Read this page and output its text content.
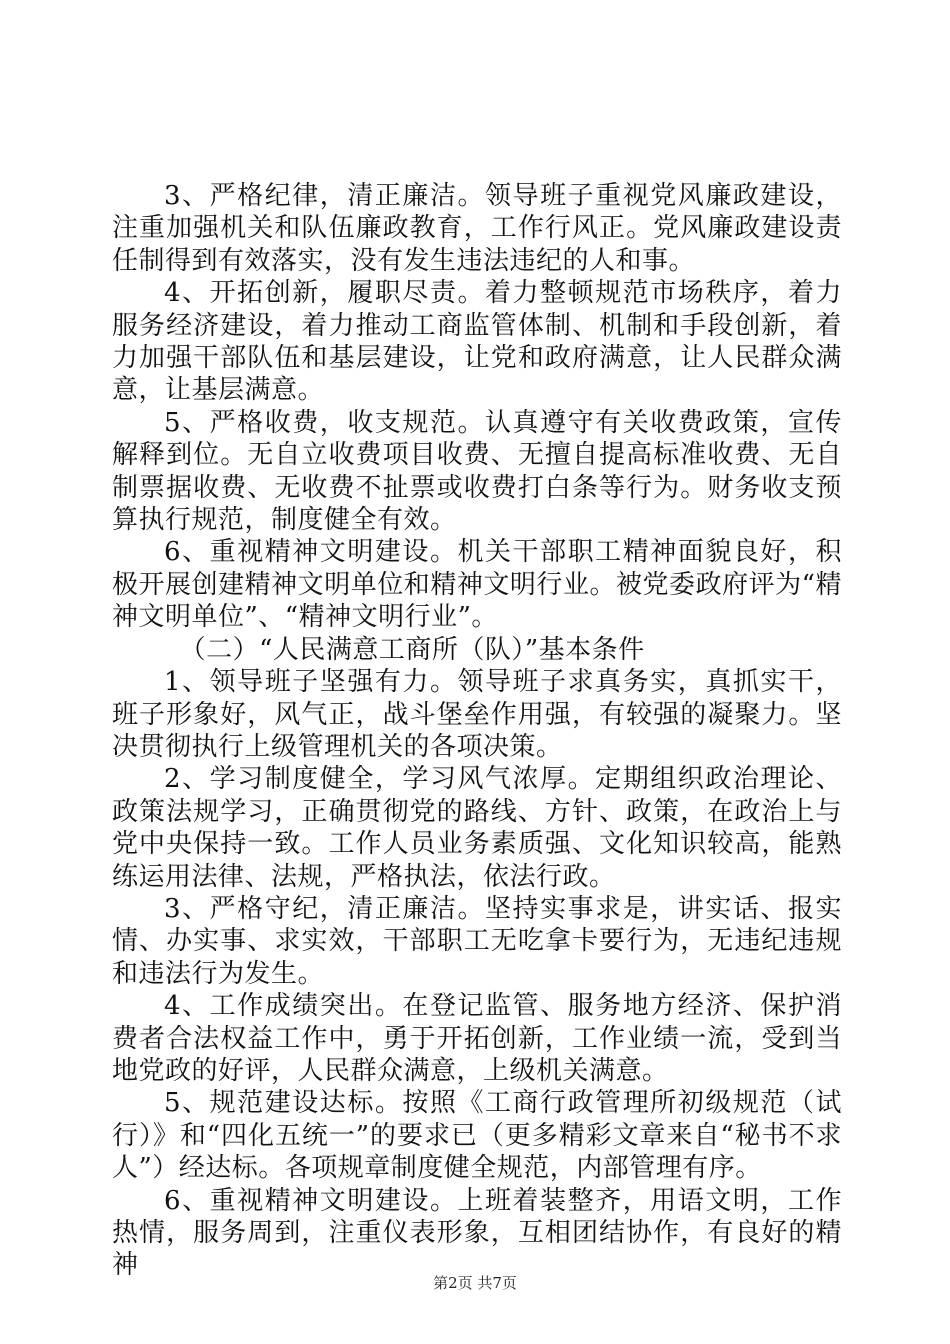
3、严格纪律，清正廉洁。领导班子重视党风廉政建设，注重加强机关和队伍廉政教育，工作行风正。党风廉政建设责任制得到有效落实，没有发生违法违纪的人和事。

4、开拓创新，履职尽责。着力整顿规范市场秩序，着力服务经济建设，着力推动工商监管体制、机制和手段创新，着力加强干部队伍和基层建设，让党和政府满意，让人民群众满意，让基层满意。

5、严格收费，收支规范。认真遵守有关收费政策，宣传解释到位。无自立收费项目收费、无擅自提高标准收费、无自制票据收费、无收费不扯票或收费打白条等行为。财务收支预算执行规范，制度健全有效。

6、重视精神文明建设。机关干部职工精神面貌良好，积极开展创建精神文明单位和精神文明行业。被党委政府评为“精神文明单位”、“精神文明行业”。

（二）“人民满意工商所（队）”基本条件

1、领导班子坚强有力。领导班子求真务实，真抓实干，班子形象好，风气正，战斗堡垒作用强，有较强的凝聚力。坚决贯彻执行上级管理机关的各项决策。

2、学习制度健全，学习风气浓厚。定期组织政治理论、政策法规学习，正确贯彻党的路线、方针、政策，在政治上与党中央保持一致。工作人员业务素质强、文化知识较高，能熟练运用法律、法规，严格执法，依法行政。

3、严格守纪，清正廉洁。坚持实事求是，讲实话、报实情、办实事、求实效，干部职工无吃拿卡要行为，无违纪违规和违法行为发生。

4、工作成绩突出。在登记监管、服务地方经济、保护消费者合法权益工作中，勇于开拓创新，工作业绩一流，受到当地党政的好评，人民群众满意，上级机关满意。

5、规范建设达标。按照《工商行政管理所初级规范（试行）》和“四化五统一”的要求已（更多精彩文章来自“秘书不求人”）经达标。各项规章制度健全规范，内部管理有序。

6、重视精神文明建设。上班着装整齐，用语文明，工作热情，服务周到，注重仪表形象，互相团结协作，有良好的精神

第2页 共7页
